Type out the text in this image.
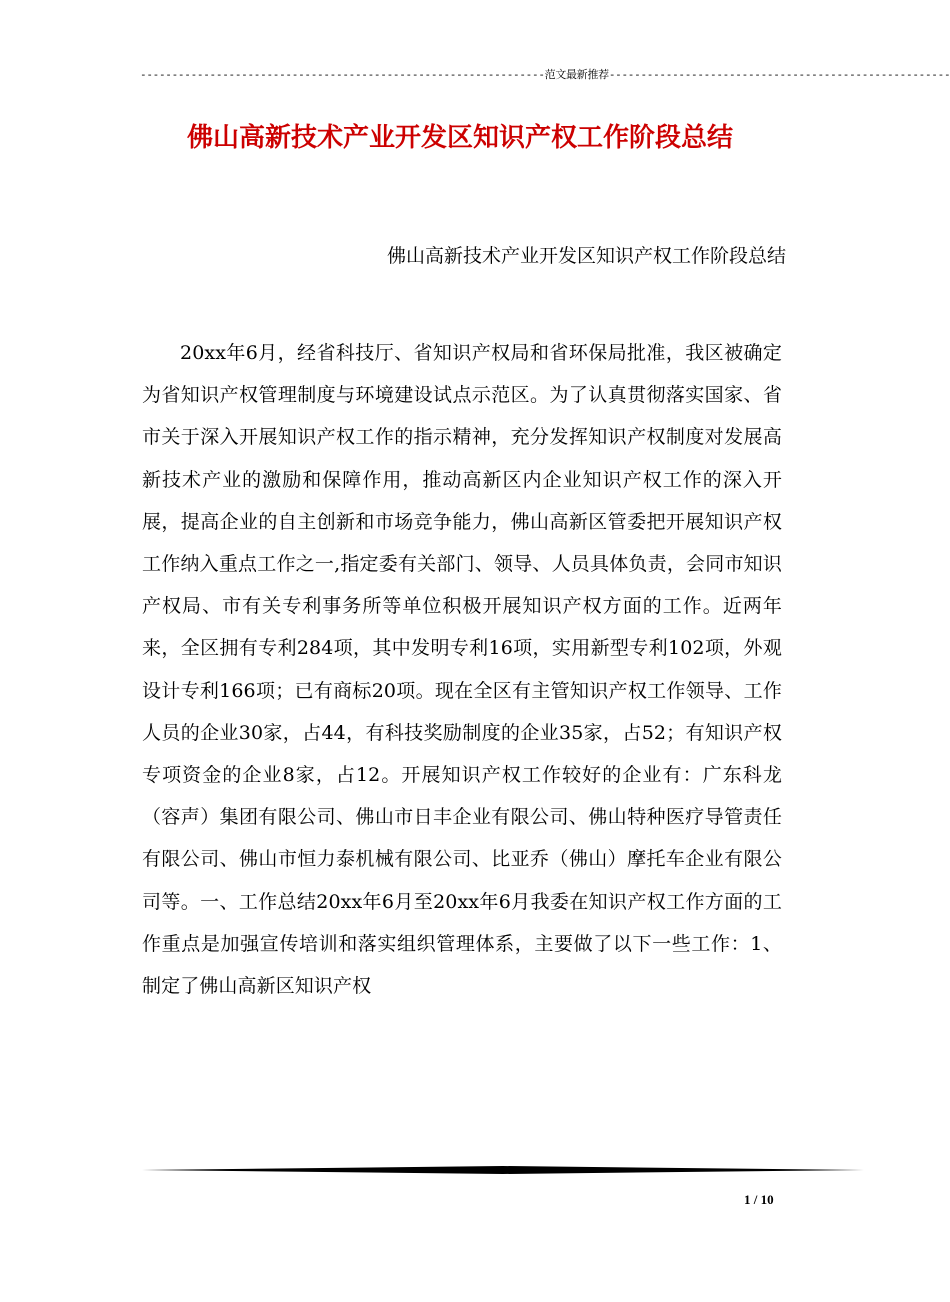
----------------------------------------------------------------范文最新推荐------------------------------------------------------
佛山高新技术产业开发区知识产权工作阶段总结
佛山高新技术产业开发区知识产权工作阶段总结
20xx年6月，经省科技厅、省知识产权局和省环保局批准，我区被确定为省知识产权管理制度与环境建设试点示范区。为了认真贯彻落实国家、省市关于深入开展知识产权工作的指示精神，充分发挥知识产权制度对发展高新技术产业的激励和保障作用，推动高新区内企业知识产权工作的深入开展，提高企业的自主创新和市场竞争能力，佛山高新区管委把开展知识产权工作纳入重点工作之一,指定委有关部门、领导、人员具体负责，会同市知识产权局、市有关专利事务所等单位积极开展知识产权方面的工作。近两年来，全区拥有专利284项，其中发明专利16项，实用新型专利102项，外观设计专利166项；已有商标20项。现在全区有主管知识产权工作领导、工作人员的企业30家，占44，有科技奖励制度的企业35家，占52；有知识产权专项资金的企业8家，占12。开展知识产权工作较好的企业有：广东科龙（容声）集团有限公司、佛山市日丰企业有限公司、佛山特种医疗导管责任有限公司、佛山市恒力泰机械有限公司、比亚乔（佛山）摩托车企业有限公司等。一、工作总结20xx年6月至20xx年6月我委在知识产权工作方面的工作重点是加强宣传培训和落实组织管理体系，主要做了以下一些工作：1、制定了佛山高新区知识产权
1 / 10
